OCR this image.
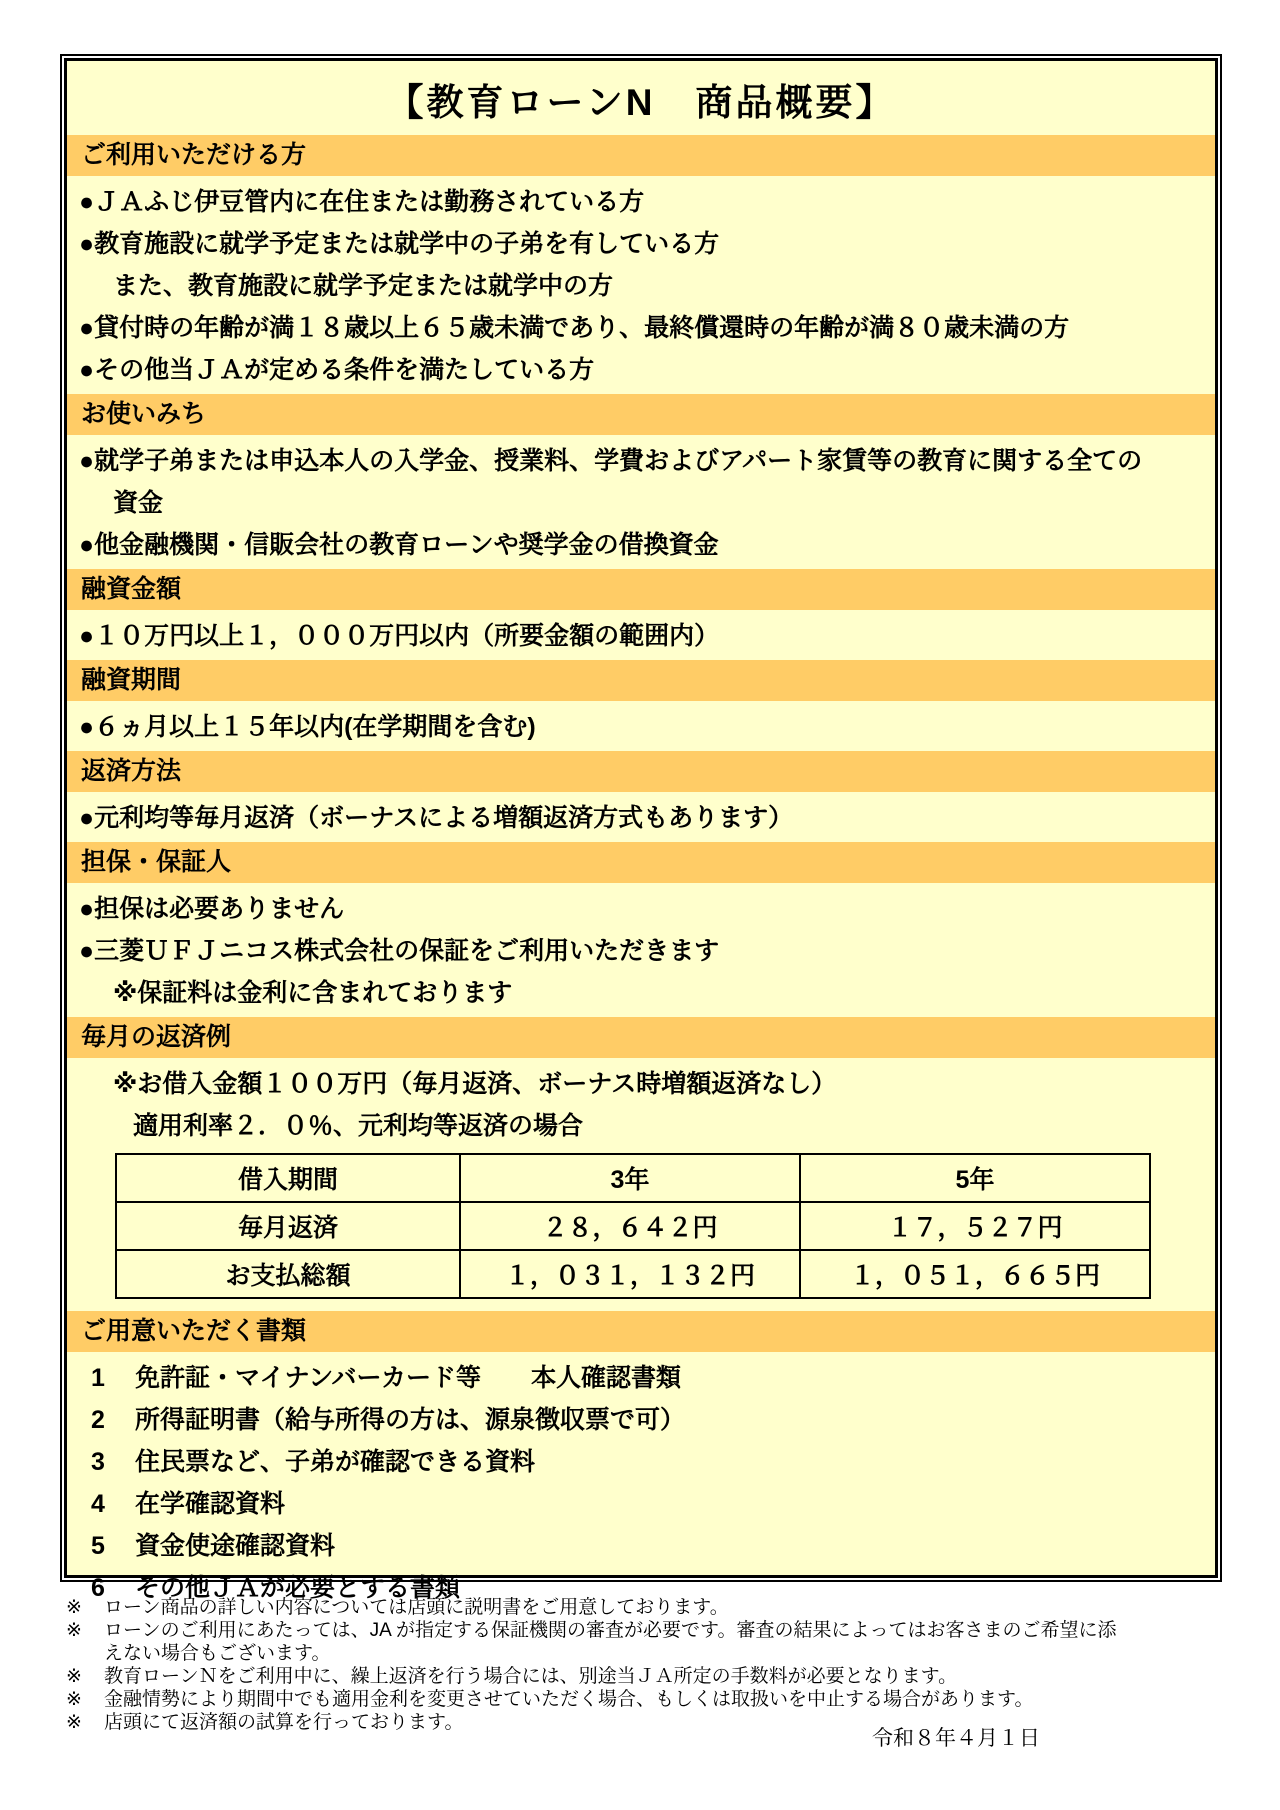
【教育ローンN　商品概要】
ご利用いただける方
●ＪＡふじ伊豆管内に在住または勤務されている方
●教育施設に就学予定または就学中の子弟を有している方
また、教育施設に就学予定または就学中の方
●貸付時の年齢が満１８歳以上６５歳未満であり、最終償還時の年齢が満８０歳未満の方
●その他当ＪＡが定める条件を満たしている方
お使いみち
●就学子弟または申込本人の入学金、授業料、学費およびアパート家賃等の教育に関する全ての
資金
●他金融機関・信販会社の教育ローンや奨学金の借換資金
融資金額
●１０万円以上１，０００万円以内（所要金額の範囲内）
融資期間
●６ヵ月以上１５年以内(在学期間を含む)
返済方法
●元利均等毎月返済（ボーナスによる増額返済方式もあります）
担保・保証人
●担保は必要ありません
●三菱ＵＦＪニコス株式会社の保証をご利用いただきます
※保証料は金利に含まれております
毎月の返済例
※お借入金額１００万円（毎月返済、ボーナス時増額返済なし）
適用利率２．０％、元利均等返済の場合
借入期間	3年	5年
毎月返済	２８，６４２円	１７，５２７円
お支払総額	１，０３１，１３２円	１，０５１，６６５円
ご用意いただく書類
1 免許証・マイナンバーカード等　　本人確認書類
2 所得証明書（給与所得の方は、源泉徴収票で可）
3 住民票など、子弟が確認できる資料
4 在学確認資料
5 資金使途確認資料
6 その他ＪＡが必要とする書類
※	ローン商品の詳しい内容については店頭に説明書をご用意しております。
※	ローンのご利用にあたっては、JA が指定する保証機関の審査が必要です。審査の結果によってはお客さまのご希望に添えない場合もございます。
※	教育ローンＮをご利用中に、繰上返済を行う場合には、別途当ＪＡ所定の手数料が必要となります。
※	金融情勢により期間中でも適用金利を変更させていただく場合、もしくは取扱いを中止する場合があります。
※	店頭にて返済額の試算を行っております。
令和８年４月１日
